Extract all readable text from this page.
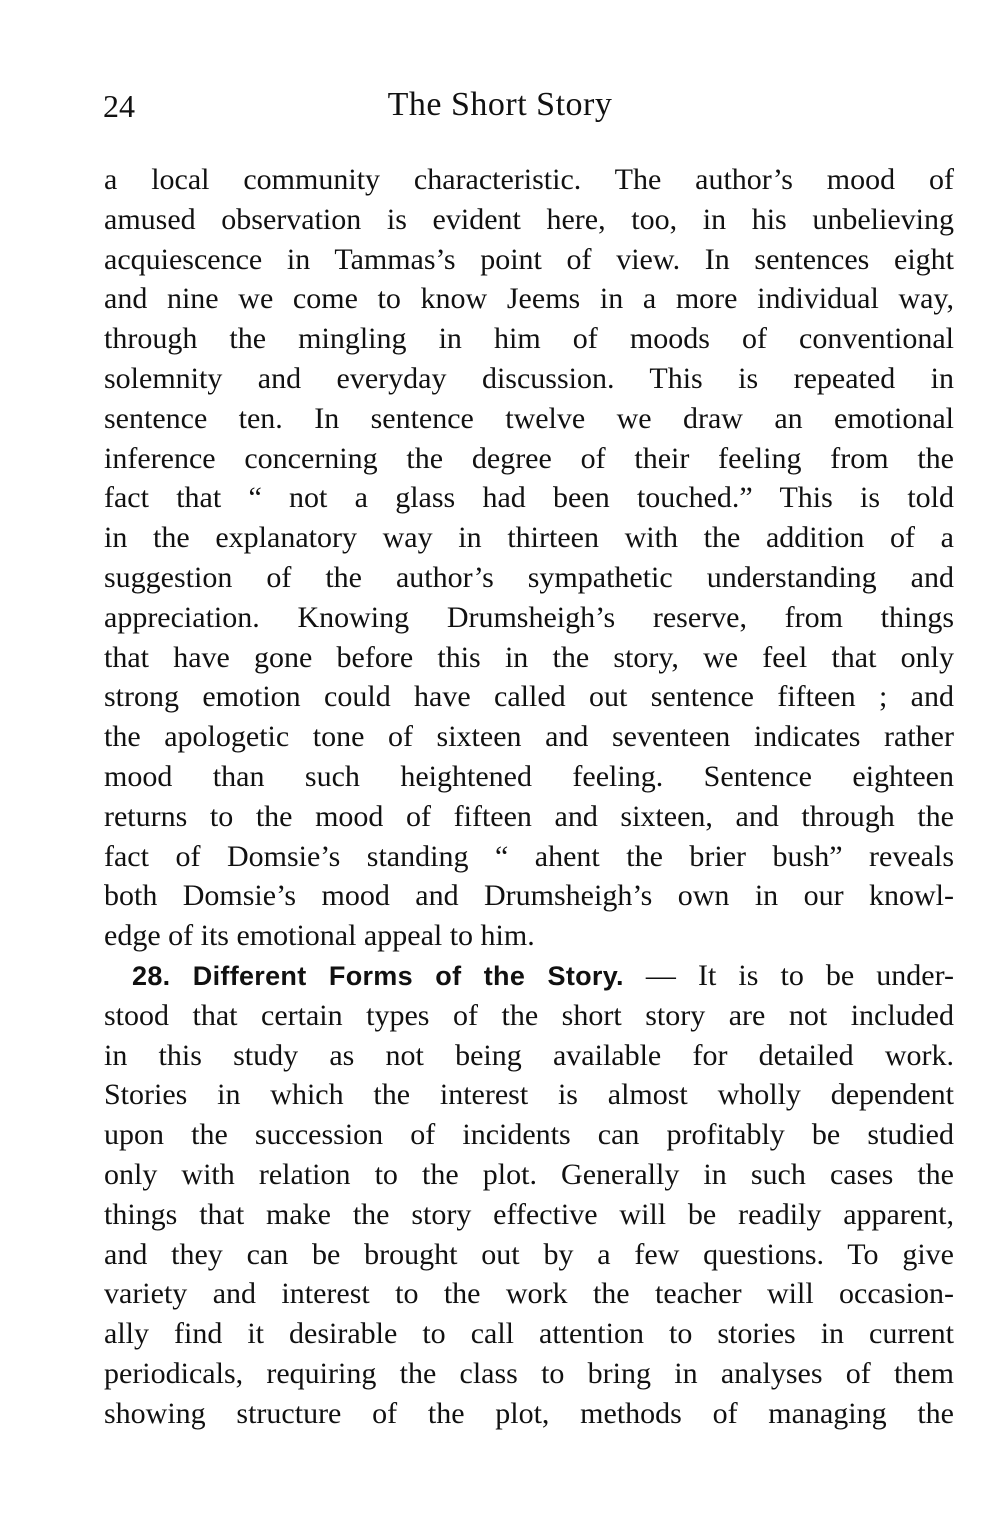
24	The Short Story
a local community characteristic. The author’s mood of
amused observation is evident here, too, in his unbelieving
acquiescence in Tammas’s point of view. In sentences eight
and nine we come to know Jeems in a more individual way,
through the mingling in him of moods of conventional
solemnity and everyday discussion. This is repeated in
sentence ten. In sentence twelve we draw an emotional
inference concerning the degree of their feeling from the
fact that “ not a glass had been touched.” This is told
in the explanatory way in thirteen with the addition of a
suggestion of the author’s sympathetic understanding and
appreciation. Knowing Drumsheigh’s reserve, from things
that have gone before this in the story, we feel that only
strong emotion could have called out sentence fifteen ; and
the apologetic tone of sixteen and seventeen indicates rather
mood than such heightened feeling. Sentence eighteen
returns to the mood of fifteen and sixteen, and through the
fact of Domsie’s standing “ ahent the brier bush” reveals
both Domsie’s mood and Drumsheigh’s own in our knowl-
edge of its emotional appeal to him.
28. Different Forms of the Story. — It is to be under-
stood that certain types of the short story are not included
in this study as not being available for detailed work.
Stories in which the interest is almost wholly dependent
upon the succession of incidents can profitably be studied
only with relation to the plot. Generally in such cases the
things that make the story effective will be readily apparent,
and they can be brought out by a few questions. To give
variety and interest to the work the teacher will occasion-
ally find it desirable to call attention to stories in current
periodicals, requiring the class to bring in analyses of them
showing structure of the plot, methods of managing the
